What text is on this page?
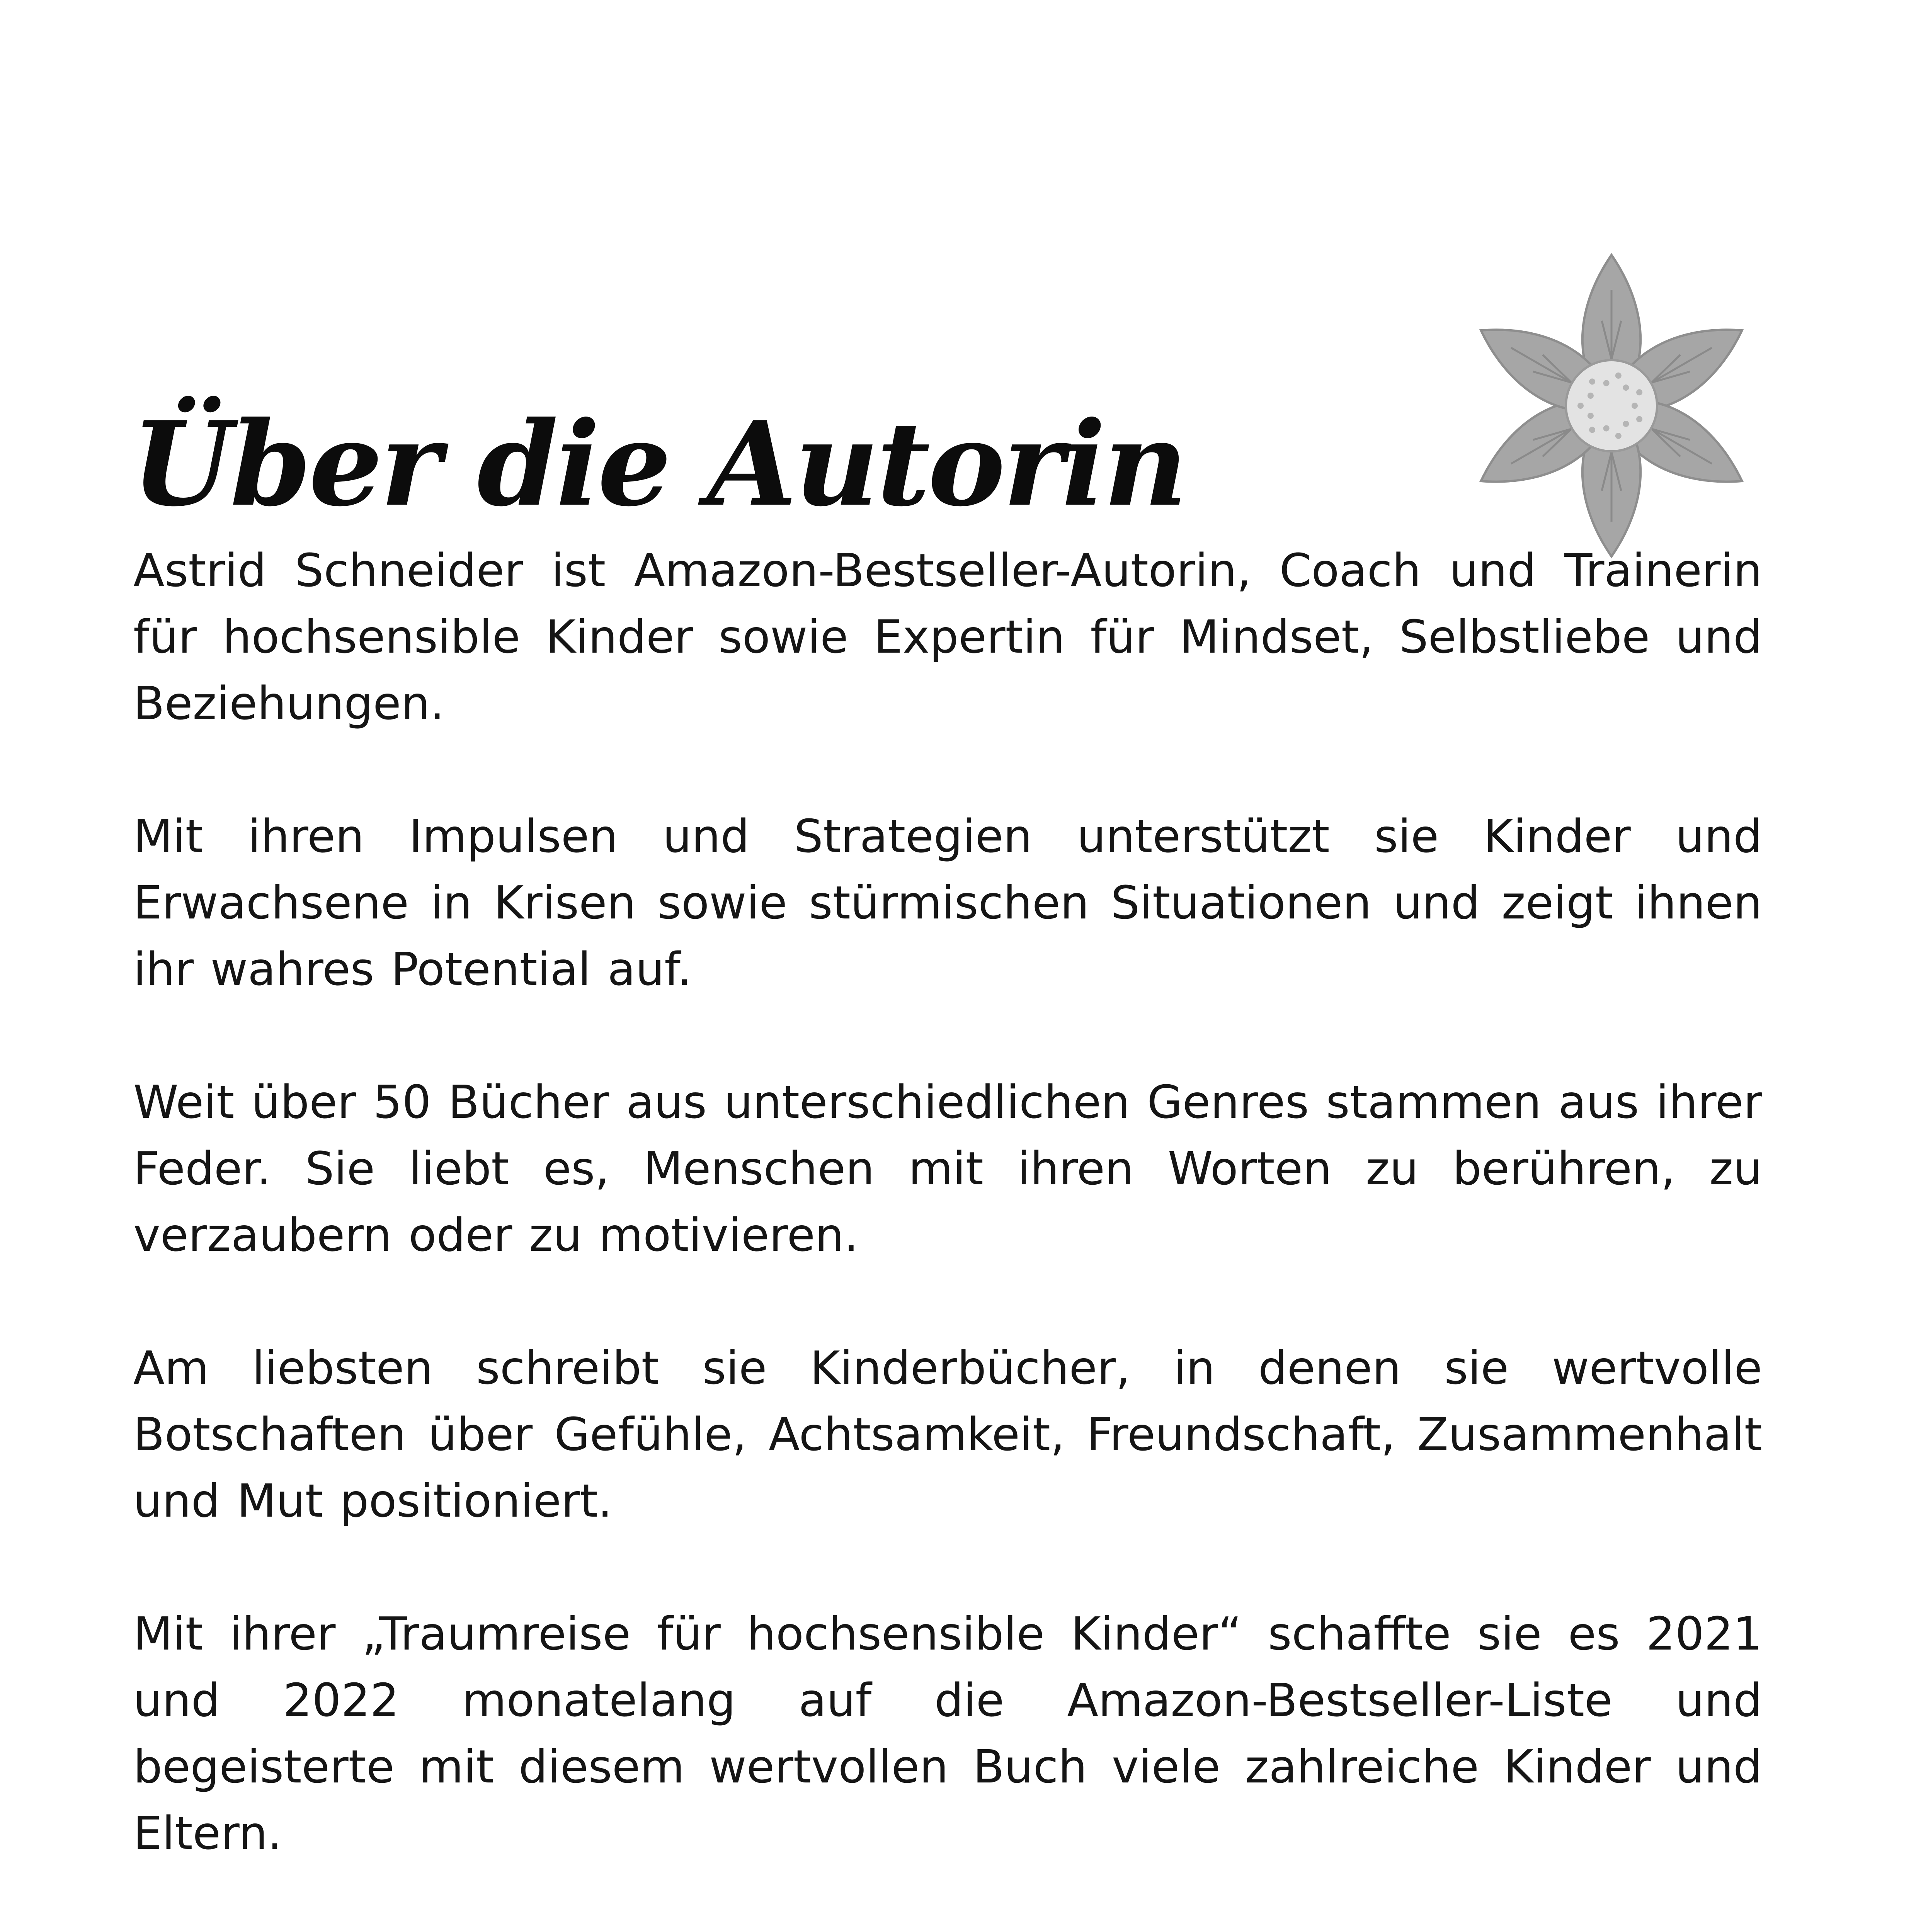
Über die Autorin

Astrid Schneider ist Amazon-Bestseller-Autorin, Coach und Trainerin für hochsensible Kinder sowie Expertin für Mindset, Selbstliebe und Beziehungen.

Mit ihren Impulsen und Strategien unterstützt sie Kinder und Erwachsene in Krisen sowie stürmischen Situationen und zeigt ihnen ihr wahres Potential auf.

Weit über 50 Bücher aus unterschiedlichen Genres stammen aus ihrer Feder. Sie liebt es, Menschen mit ihren Worten zu berühren, zu verzaubern oder zu motivieren.

Am liebsten schreibt sie Kinderbücher, in denen sie wertvolle Botschaften über Gefühle, Achtsamkeit, Freundschaft, Zusammenhalt und Mut positioniert.

Mit ihrer „Traumreise für hochsensible Kinder“ schaffte sie es 2021 und 2022 monatelang auf die Amazon-Bestseller-Liste und begeisterte mit diesem wertvollen Buch viele zahlreiche Kinder und Eltern.
